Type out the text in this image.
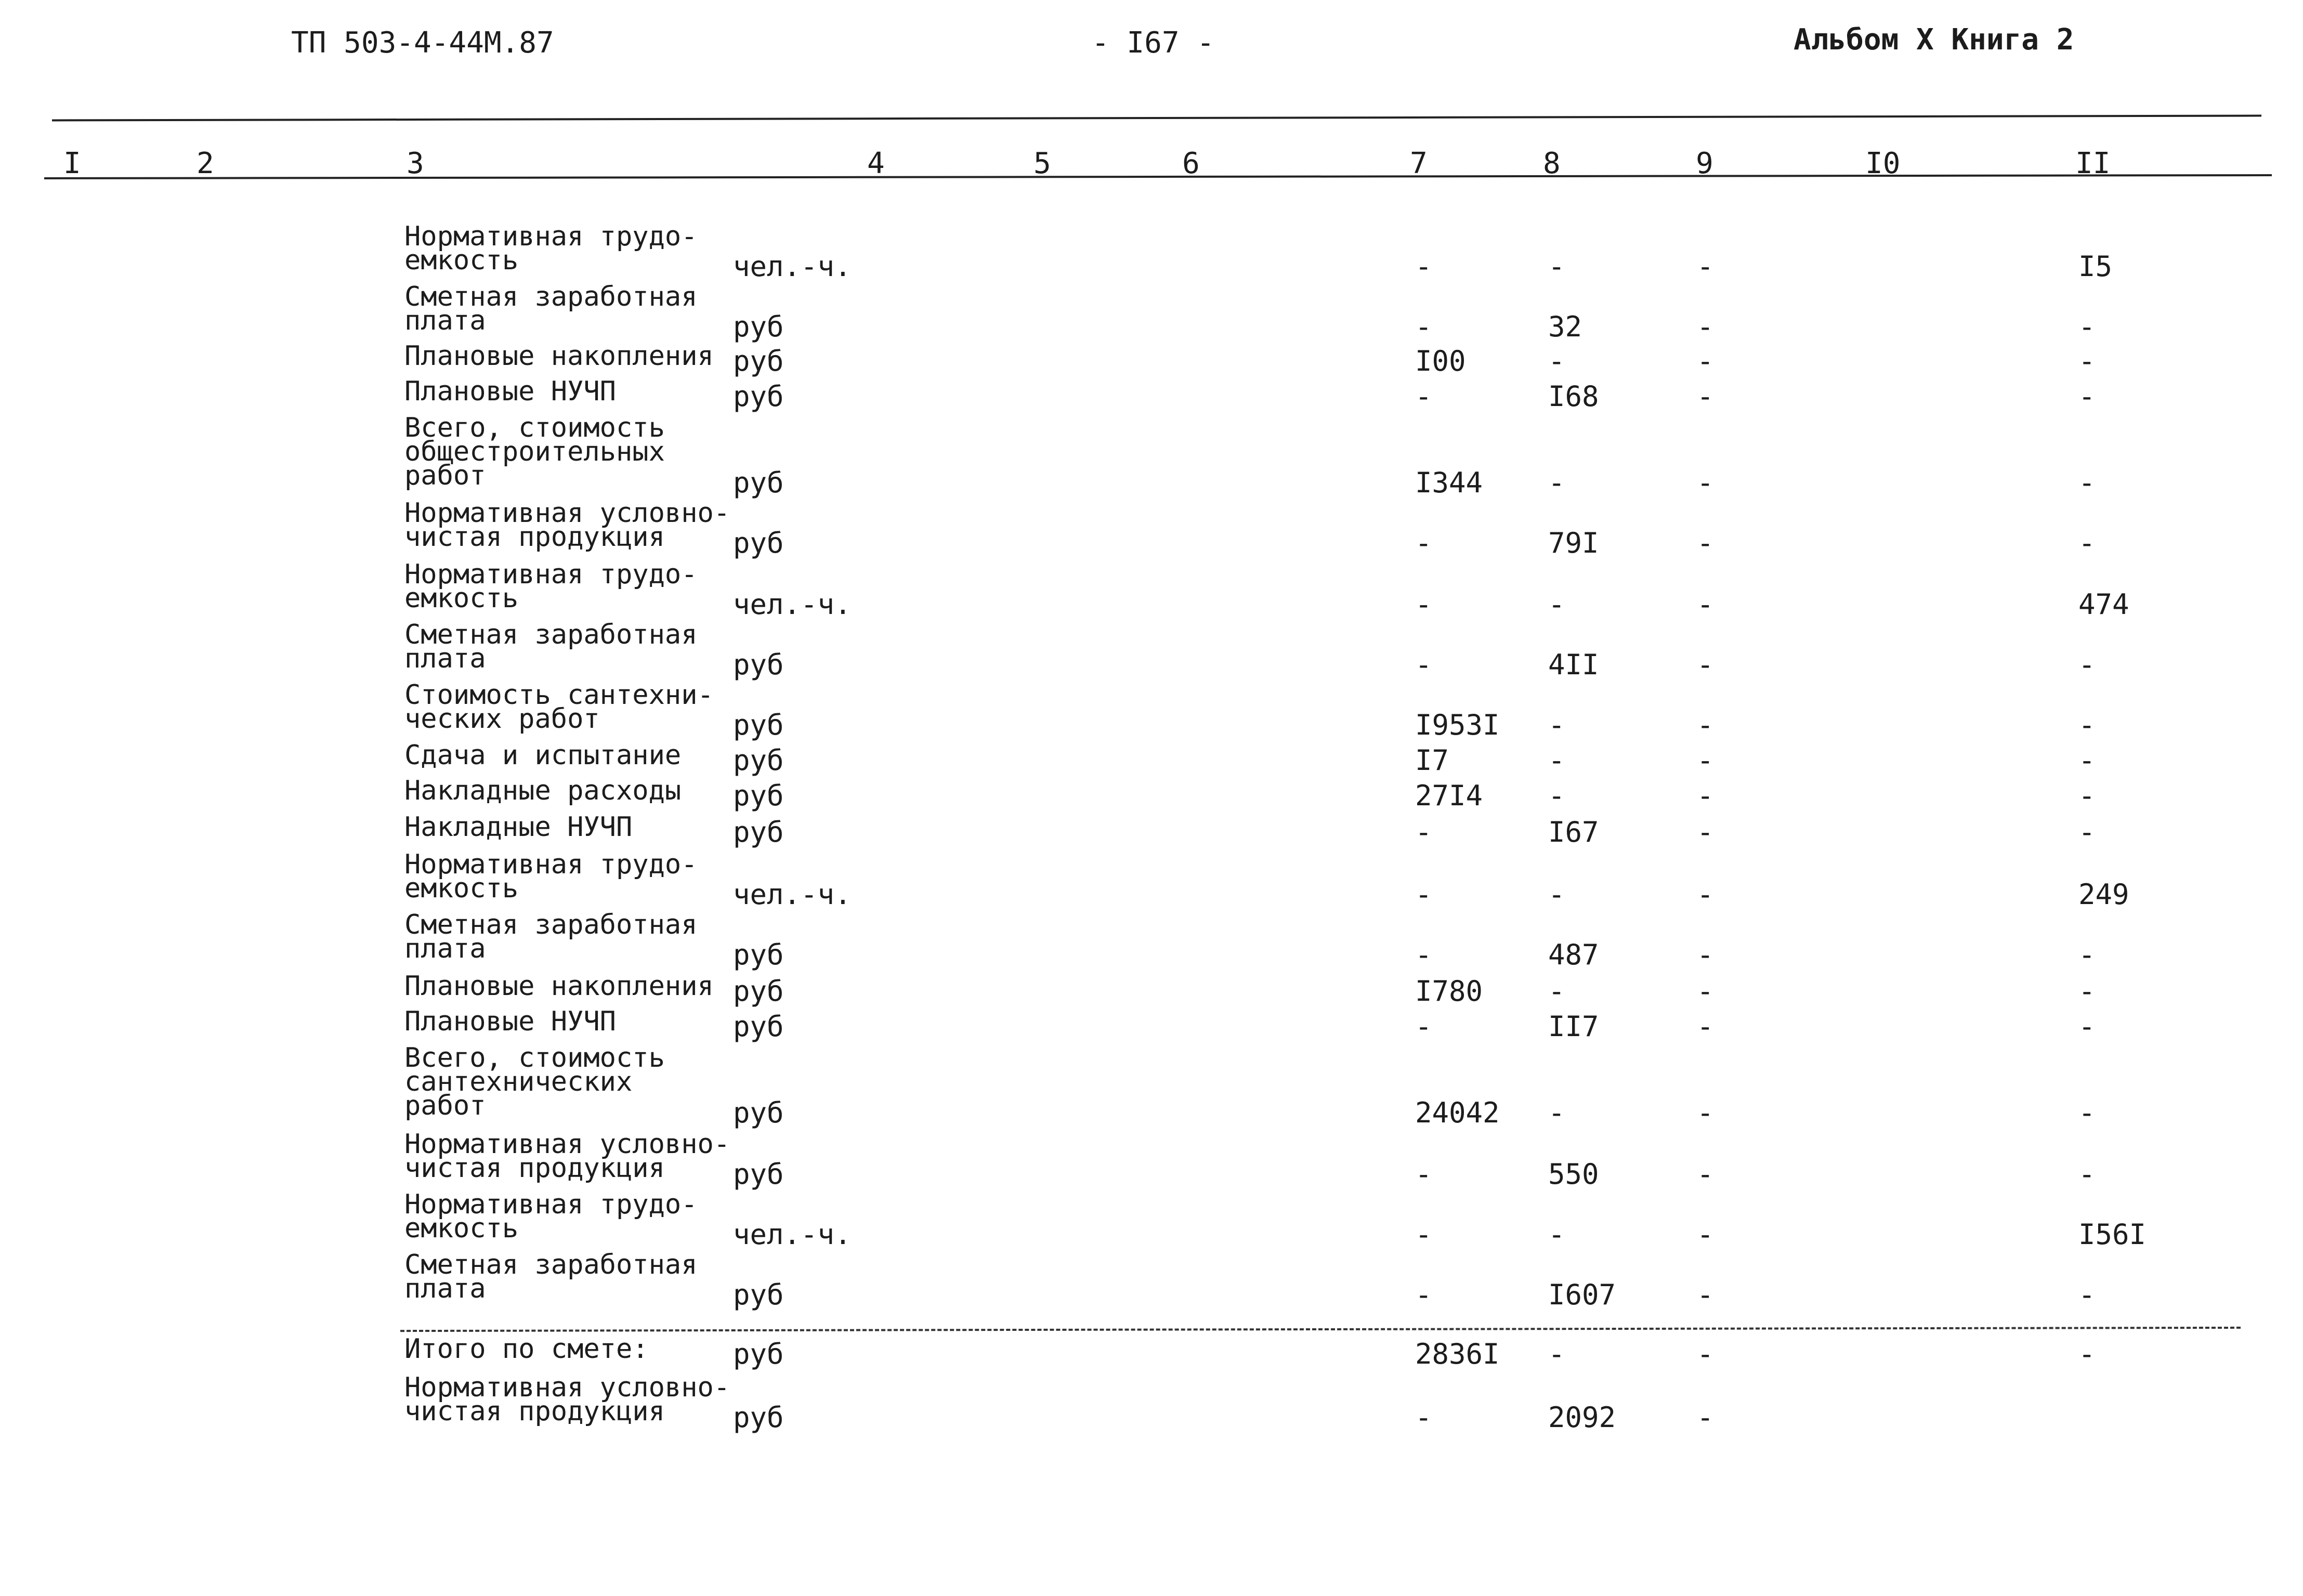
ТП 503-4-44М.87	- I67 -	Альбом X Книга 2
I	2	3	4	5	6	7	8	9	I0	II
Нормативная трудо-
емкость	чел.-ч.	-	-	-	I5
Сметная заработная
плата	руб	-	32	-	-
Плановые накопления руб	I00	-	-	-
Плановые НУЧП	руб	-	I68	-	-
Всего, стоимость
общестроительных
работ	руб	I344 -	-	-
Нормативная условно-
чистая продукция	руб	-	79I	-	-
Нормативная трудо-
емкость	чел.-ч.	-	-	-	474
Сметная заработная
плата	руб	-	4II	-	-
Стоимость сантехни-
ческих работ	руб	I953I -	-	-
Сдача и испытание	руб	I7	-	-	-
Накладные расходы	руб	27I4 -	-	-
Накладные НУЧП	руб	-	I67	-	-
Нормативная трудо-
емкость	чел.-ч.	-	-	-	249
Сметная заработная
плата	руб	-	487	-	-
Плановые накопления руб	I780 -	-	-
Плановые НУЧП	руб	-	II7	-	-
Всего, стоимость
сантехнических
работ	руб	24042 -	-	-
Нормативная условно-
чистая продукция	руб	-	550	-	-
Нормативная трудо-
емкость	чел.-ч.	-	-	-	I56I
Сметная заработная
плата	руб	-	I607	-	-
Итого по смете:	руб	2836I -	-	-
Нормативная условно-
чистая продукция	руб	-	2092	-
